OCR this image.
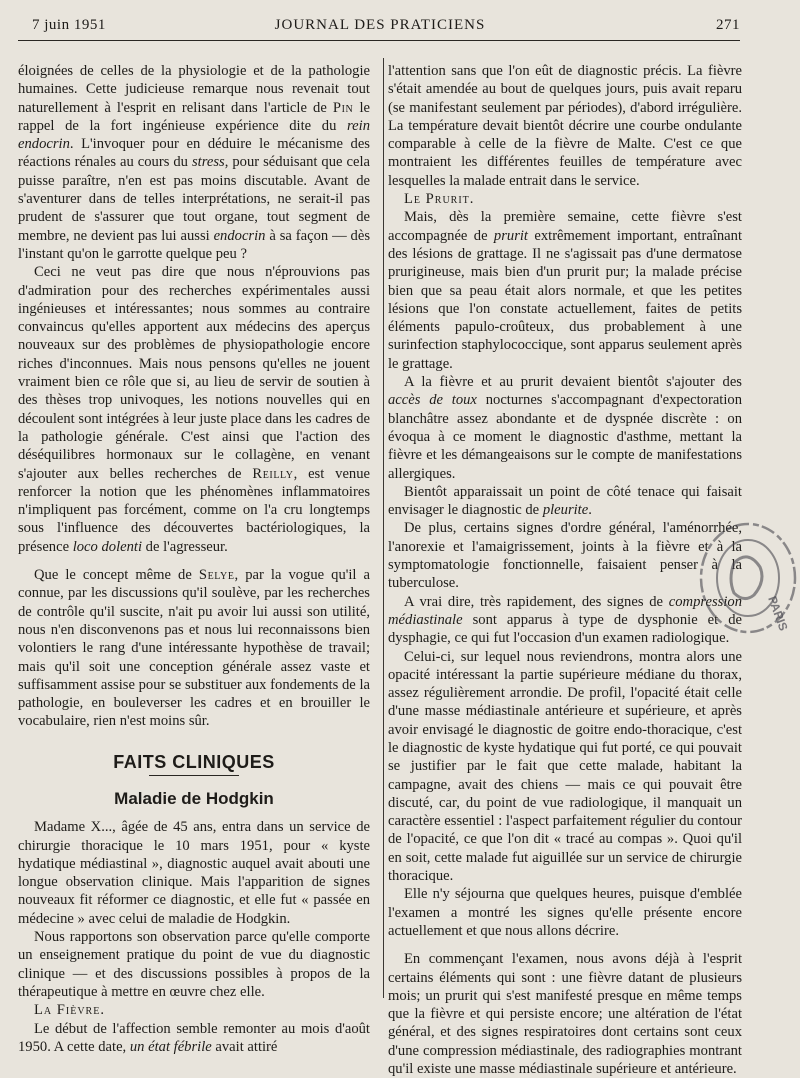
7 juin 1951	JOURNAL DES PRATICIENS	271

éloignées de celles de la physiologie et de la pathologie humaines. Cette judicieuse remarque nous revenait tout naturellement à l'esprit en relisant dans l'article de Pin le rappel de la fort ingénieuse expérience dite du rein endocrin. L'invoquer pour en déduire le mécanisme des réactions rénales au cours du stress, pour séduisant que cela puisse paraître, n'en est pas moins discutable. Avant de s'aventurer dans de telles interprétations, ne serait-il pas prudent de s'assurer que tout organe, tout segment de membre, ne devient pas lui aussi endocrin à sa façon — dès l'instant qu'on le garrotte quelque peu ?

Ceci ne veut pas dire que nous n'éprouvions pas d'admiration pour des recherches expérimentales aussi ingénieuses et intéressantes; nous sommes au contraire convaincus qu'elles apportent aux médecins des aperçus nouveaux sur des problèmes de physiopathologie encore riches d'inconnues. Mais nous pensons qu'elles ne jouent vraiment bien ce rôle que si, au lieu de servir de soutien à des thèses trop univoques, les notions nouvelles qui en découlent sont intégrées à leur juste place dans les cadres de la pathologie générale. C'est ainsi que l'action des déséquilibres hormonaux sur le collagène, en venant s'ajouter aux belles recherches de Reilly, est venue renforcer la notion que les phénomènes inflammatoires n'impliquent pas forcément, comme on l'a cru longtemps sous l'influence des découvertes bactériologiques, la présence loco dolenti de l'agresseur.

Que le concept même de Selye, par la vogue qu'il a connue, par les discussions qu'il soulève, par les recherches de contrôle qu'il suscite, n'ait pu avoir lui aussi son utilité, nous n'en disconvenons pas et nous lui reconnaissons bien volontiers le rang d'une intéressante hypothèse de travail; mais qu'il soit une conception générale assez vaste et suffisamment assise pour se substituer aux fondements de la pathologie, en bouleverser les cadres et en brouiller le vocabulaire, rien n'est moins sûr.

FAITS CLINIQUES
Maladie de Hodgkin

Madame X..., âgée de 45 ans, entra dans un service de chirurgie thoracique le 10 mars 1951, pour « kyste hydatique médiastinal », diagnostic auquel avait abouti une longue observation clinique. Mais l'apparition de signes nouveaux fit réformer ce diagnostic, et elle fut « passée en médecine » avec celui de maladie de Hodgkin.

Nous rapportons son observation parce qu'elle comporte un enseignement pratique du point de vue du diagnostic clinique — et des discussions possibles à propos de la thérapeutique à mettre en œuvre chez elle.

La Fièvre.

Le début de l'affection semble remonter au mois d'août 1950. A cette date, un état fébrile avait attiré

l'attention sans que l'on eût de diagnostic précis. La fièvre s'était amendée au bout de quelques jours, puis avait reparu (se manifestant seulement par périodes), d'abord irrégulière. La température devait bientôt décrire une courbe ondulante comparable à celle de la fièvre de Malte. C'est ce que montraient les différentes feuilles de température avec lesquelles la malade entrait dans le service.

Le Prurit.

Mais, dès la première semaine, cette fièvre s'est accompagnée de prurit extrêmement important, entraînant des lésions de grattage. Il ne s'agissait pas d'une dermatose prurigineuse, mais bien d'un prurit pur; la malade précise bien que sa peau était alors normale, et que les petites lésions que l'on constate actuellement, faites de petits éléments papulo-croûteux, dus probablement à une surinfection staphylococcique, sont apparus seulement après le grattage.

A la fièvre et au prurit devaient bientôt s'ajouter des accès de toux nocturnes s'accompagnant d'expectoration blanchâtre assez abondante et de dyspnée discrète : on évoqua à ce moment le diagnostic d'asthme, mettant la fièvre et les démangeaisons sur le compte de manifestations allergiques.

Bientôt apparaissait un point de côté tenace qui faisait envisager le diagnostic de pleurite.

De plus, certains signes d'ordre général, l'aménorrhée, l'anorexie et l'amaigrissement, joints à la fièvre et à la symptomatologie fonctionnelle, faisaient penser à la tuberculose.

A vrai dire, très rapidement, des signes de compression médiastinale sont apparus à type de dysphonie et de dysphagie, ce qui fut l'occasion d'un examen radiologique.

Celui-ci, sur lequel nous reviendrons, montra alors une opacité intéressant la partie supérieure médiane du thorax, assez régulièrement arrondie. De profil, l'opacité était celle d'une masse médiastinale antérieure et supérieure, et après avoir envisagé le diagnostic de goitre endo-thoracique, c'est le diagnostic de kyste hydatique qui fut porté, ce qui pouvait se justifier par le fait que cette malade, habitant la campagne, avait des chiens — mais ce qui pouvait être discuté, car, du point de vue radiologique, il manquait un caractère essentiel : l'aspect parfaitement régulier du contour de l'opacité, ce que l'on dit « tracé au compas ». Quoi qu'il en soit, cette malade fut aiguillée sur un service de chirurgie thoracique.

Elle n'y séjourna que quelques heures, puisque d'emblée l'examen a montré les signes qu'elle présente encore actuellement et que nous allons décrire.

En commençant l'examen, nous avons déjà à l'esprit certains éléments qui sont : une fièvre datant de plusieurs mois; un prurit qui s'est manifesté presque en même temps que la fièvre et qui persiste encore; une altération de l'état général, et des signes respiratoires dont certains sont ceux d'une compression médiastinale, des radiographies montrant qu'il existe une masse médiastinale supérieure et antérieure.

PARIS
